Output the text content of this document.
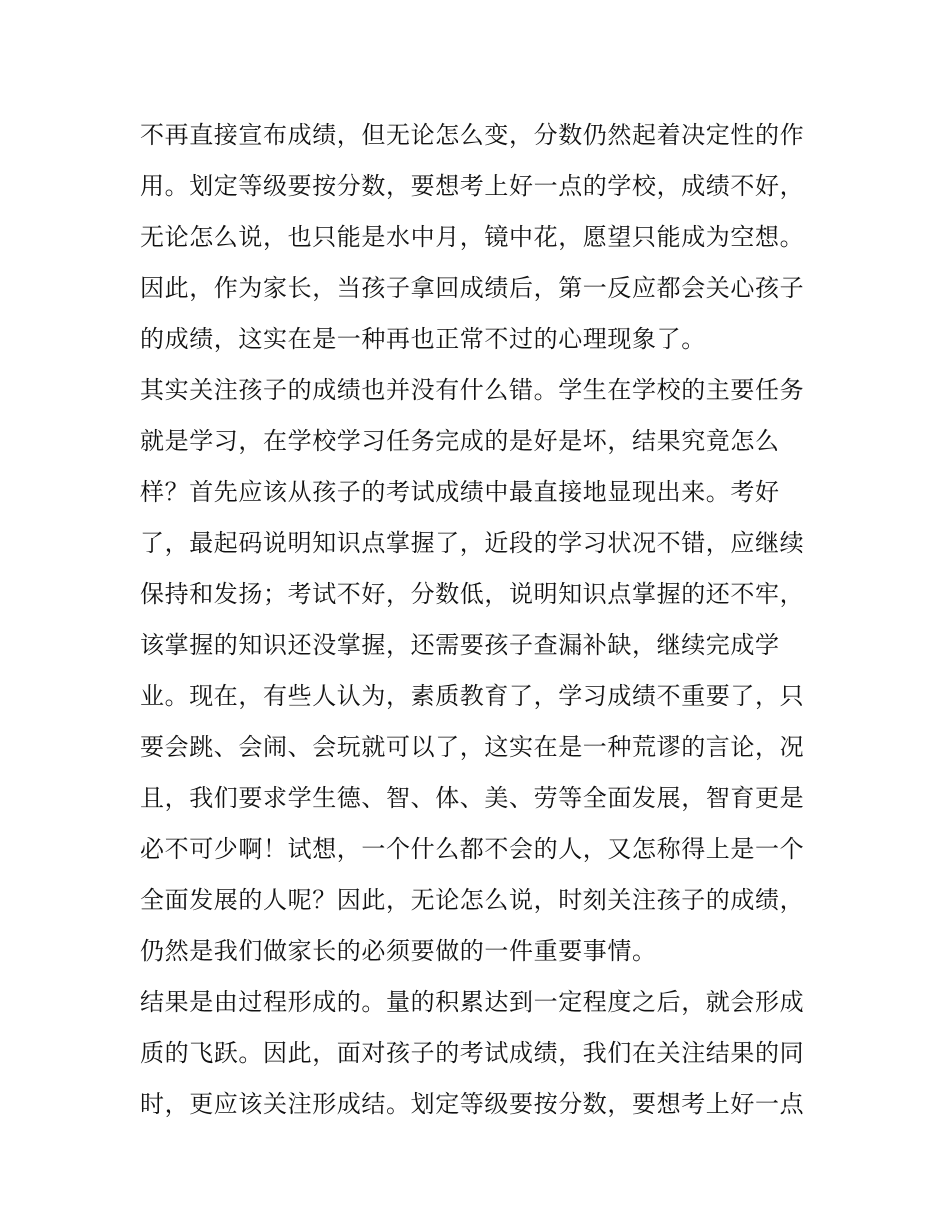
不再直接宣布成绩，但无论怎么变，分数仍然起着决定性的作
用。划定等级要按分数，要想考上好一点的学校，成绩不好，
无论怎么说，也只能是水中月，镜中花，愿望只能成为空想。
因此，作为家长，当孩子拿回成绩后，第一反应都会关心孩子
的成绩，这实在是一种再也正常不过的心理现象了。
其实关注孩子的成绩也并没有什么错。学生在学校的主要任务
就是学习，在学校学习任务完成的是好是坏，结果究竟怎么
样？首先应该从孩子的考试成绩中最直接地显现出来。考好
了，最起码说明知识点掌握了，近段的学习状况不错，应继续
保持和发扬；考试不好，分数低，说明知识点掌握的还不牢，
该掌握的知识还没掌握，还需要孩子查漏补缺，继续完成学
业。现在，有些人认为，素质教育了，学习成绩不重要了，只
要会跳、会闹、会玩就可以了，这实在是一种荒谬的言论，况
且，我们要求学生德、智、体、美、劳等全面发展，智育更是
必不可少啊！试想，一个什么都不会的人，又怎称得上是一个
全面发展的人呢？因此，无论怎么说，时刻关注孩子的成绩，
仍然是我们做家长的必须要做的一件重要事情。
结果是由过程形成的。量的积累达到一定程度之后，就会形成
质的飞跃。因此，面对孩子的考试成绩，我们在关注结果的同
时，更应该关注形成结。划定等级要按分数，要想考上好一点
